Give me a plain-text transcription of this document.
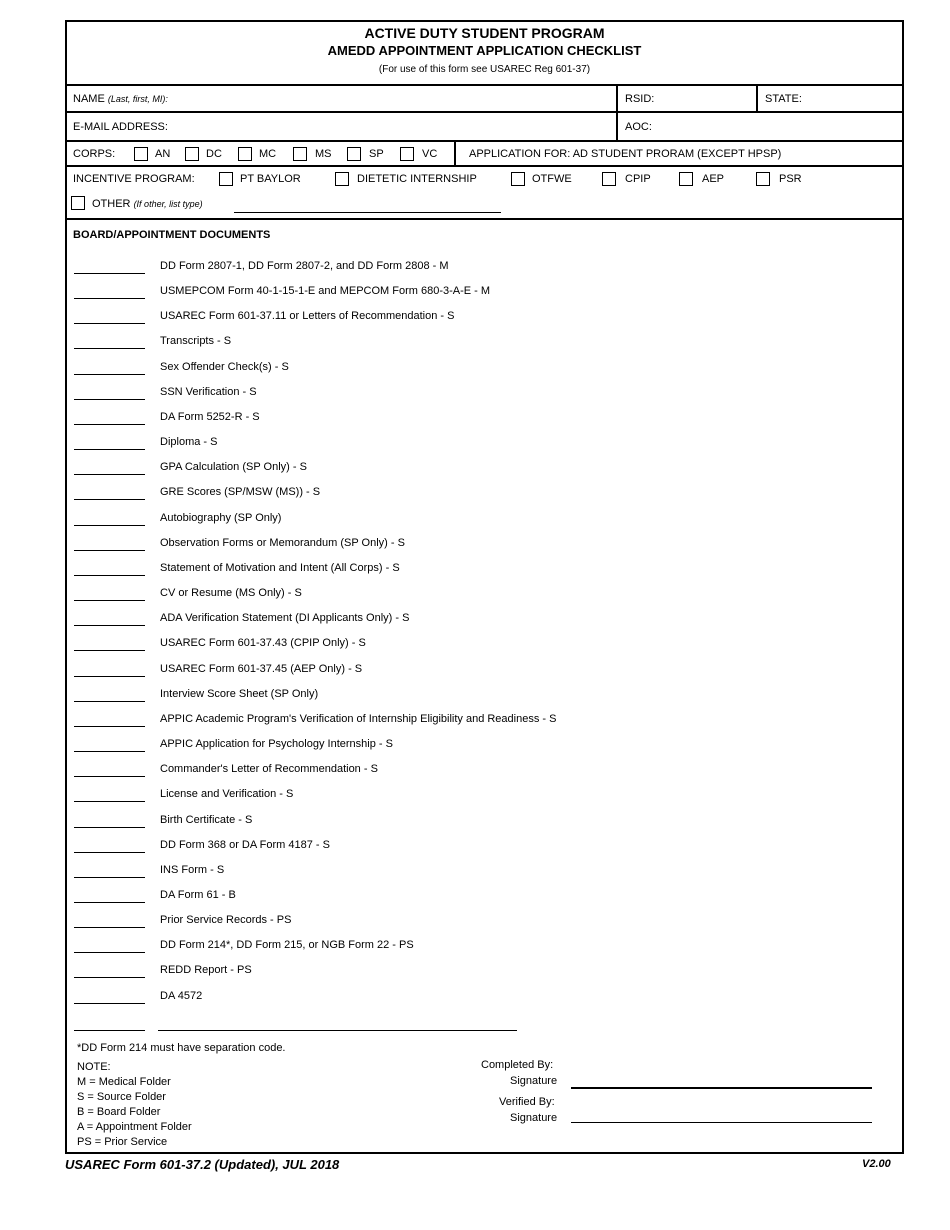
ACTIVE DUTY STUDENT PROGRAM
AMEDD APPOINTMENT APPLICATION CHECKLIST
(For use of this form see USAREC Reg 601-37)
NAME (Last, first, MI):	RSID:	STATE:
E-MAIL ADDRESS:	AOC:
CORPS:	AN	DC	MC	MS	SP	VC	APPLICATION FOR: AD STUDENT PRORAM (EXCEPT HPSP)
INCENTIVE PROGRAM:	PT BAYLOR	DIETETIC INTERNSHIP	OTFWE	CPIP	AEP	PSR
OTHER (If other, list type)
BOARD/APPOINTMENT DOCUMENTS
DD Form 2807-1, DD Form 2807-2, and DD Form 2808 - M
USMEPCOM Form 40-1-15-1-E and MEPCOM Form 680-3-A-E - M
USAREC Form 601-37.11 or Letters of Recommendation - S
Transcripts - S
Sex Offender Check(s) - S
SSN Verification - S
DA Form 5252-R - S
Diploma - S
GPA Calculation (SP Only) - S
GRE Scores (SP/MSW (MS)) - S
Autobiography (SP Only)
Observation Forms or Memorandum (SP Only) - S
Statement of Motivation and Intent (All Corps) - S
CV or Resume (MS Only) - S
ADA Verification Statement (DI Applicants Only) - S
USAREC Form 601-37.43 (CPIP Only) - S
USAREC Form 601-37.45 (AEP Only) - S
Interview Score Sheet (SP Only)
APPIC Academic Program's Verification of Internship Eligibility and Readiness - S
APPIC Application for Psychology Internship - S
Commander's Letter of Recommendation - S
License and Verification - S
Birth Certificate - S
DD Form 368 or DA Form 4187 - S
INS Form - S
DA Form 61 - B
Prior Service Records - PS
DD Form 214*, DD Form 215, or NGB Form 22 - PS
REDD Report - PS
DA 4572
*DD Form 214 must have separation code.
NOTE:
M = Medical Folder
S = Source Folder
B = Board Folder
A = Appointment Folder
PS = Prior Service
Completed By:
Signature
Verified By:
Signature
USAREC Form 601-37.2 (Updated), JUL 2018	V2.00
